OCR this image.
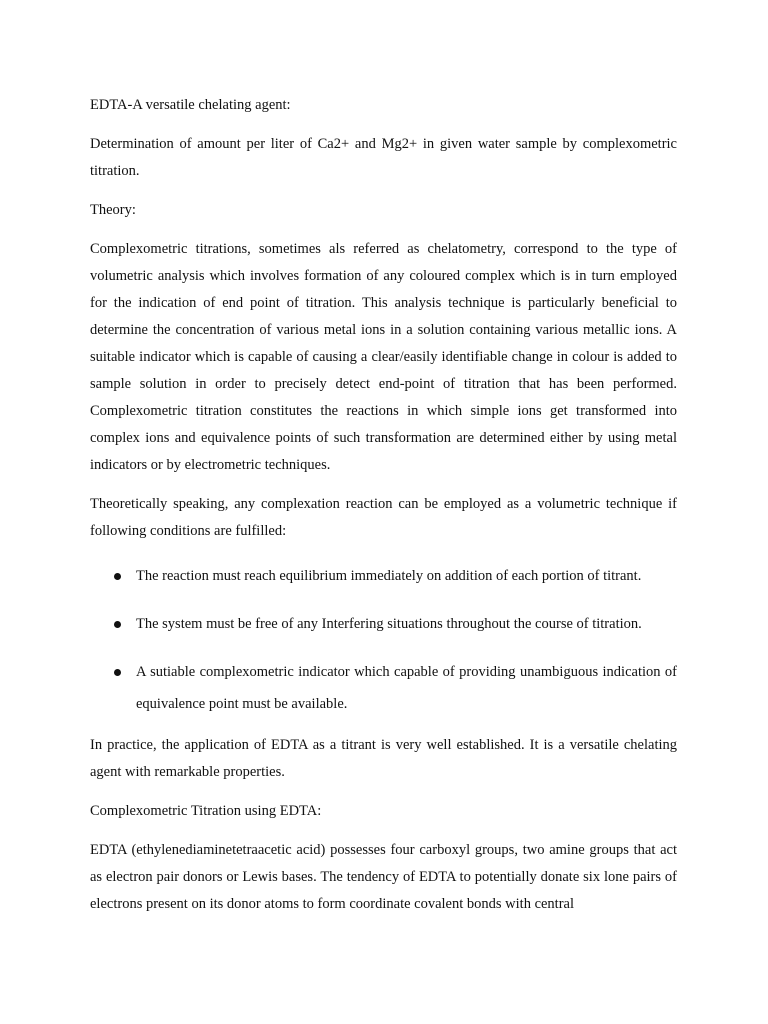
EDTA-A versatile chelating agent:

Determination of amount per liter of Ca2+ and Mg2+ in given water sample by complexometric titration.

Theory:

Complexometric titrations, sometimes als referred as chelatometry, correspond to the type of volumetric analysis which involves formation of any coloured complex which is in turn employed for the indication of end point of titration. This analysis technique is particularly beneficial to determine the concentration of various metal ions in a solution containing various metallic ions. A suitable indicator which is capable of causing a clear/easily identifiable change in colour is added to sample solution in order to precisely detect end-point of titration that has been performed. Complexometric titration constitutes the reactions in which simple ions get transformed into complex ions and equivalence points of such transformation are determined either by using metal indicators or by electrometric techniques.

Theoretically speaking, any complexation reaction can be employed as a volumetric technique if following conditions are fulfilled:

The reaction must reach equilibrium immediately on addition of each portion of titrant.
The system must be free of any Interfering situations throughout the course of titration.
A sutiable complexometric indicator which capable of providing unambiguous indication of equivalence point must be available.

In practice, the application of EDTA as a titrant is very well established. It is a versatile chelating agent with remarkable properties.

Complexometric Titration using EDTA:

EDTA (ethylenediaminetetraacetic acid) possesses four carboxyl groups, two amine groups that act as electron pair donors or Lewis bases. The tendency of EDTA to potentially donate six lone pairs of electrons present on its donor atoms to form coordinate covalent bonds with central
